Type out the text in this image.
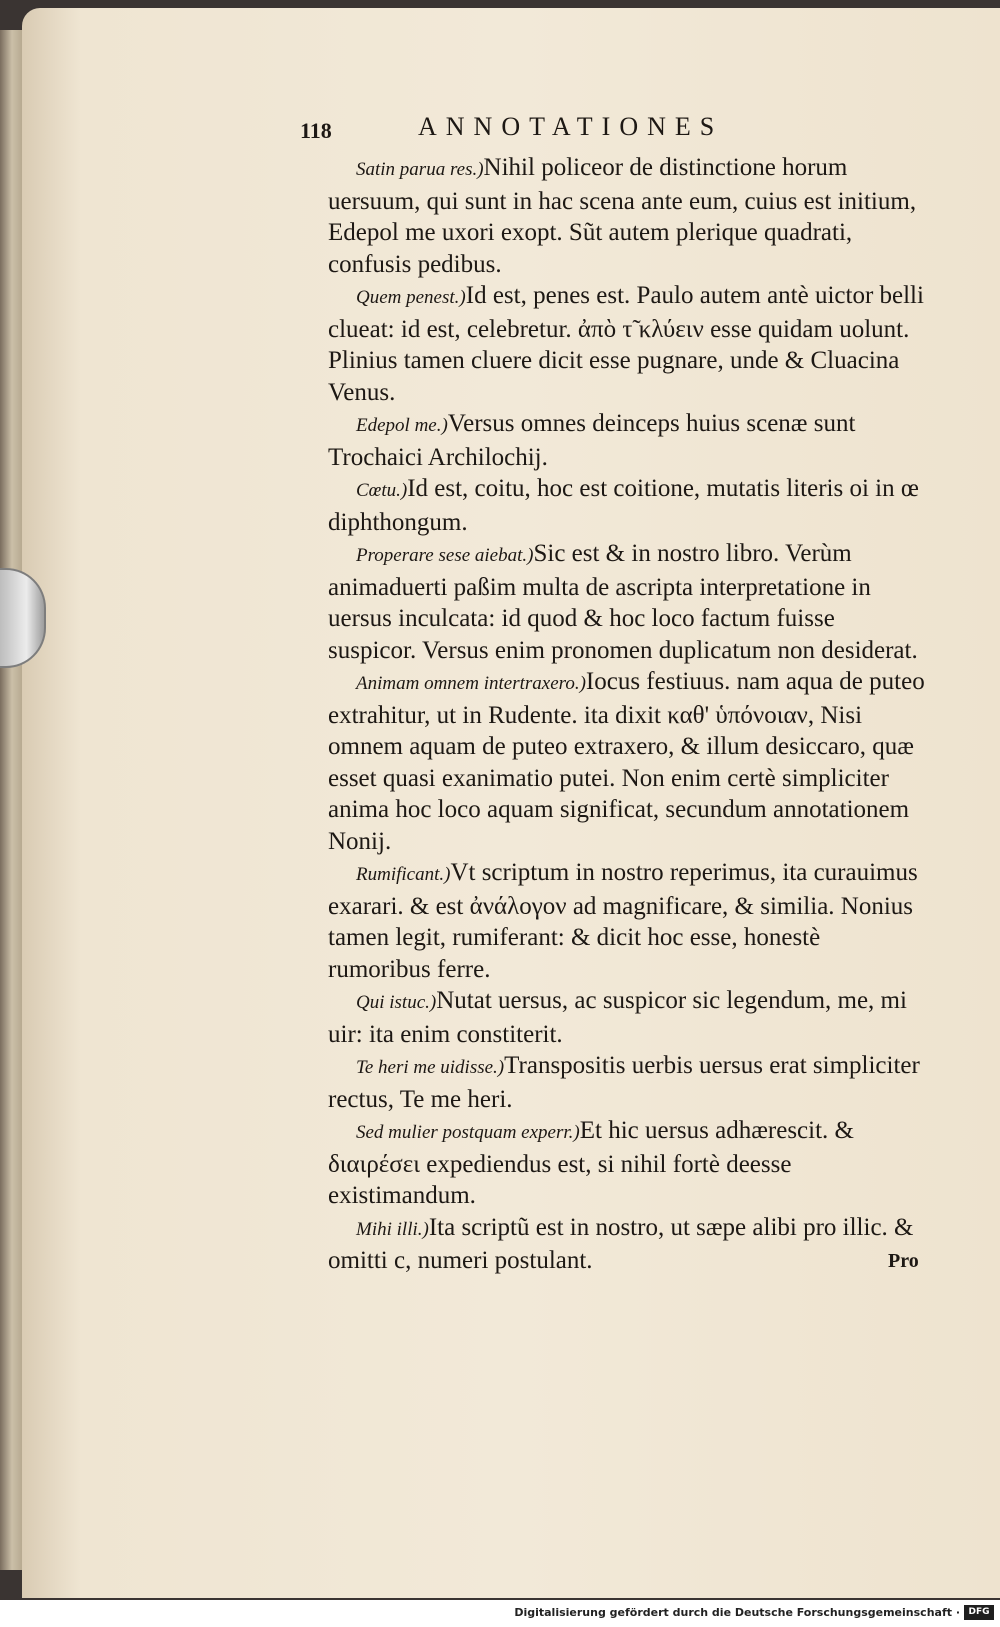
118	ANNOTATIONES

Satin parua res.)Nihil policeor de distinctione horum uersuum, qui sunt in hac scena ante eum, cuius est initium, Edepol me uxori exopt. Sũt autem plerique quadrati, confusis pedibus.

Quem penest.)Id est, penes est. Paulo autem antè uictor belli clueat: id est, celebretur. ἀπὸ τ̃ κλύειν esse quidam uolunt. Plinius tamen cluere dicit esse pugnare, unde & Cluacina Venus.

Edepol me.)Versus omnes deinceps huius scenæ sunt Trochaici Archilochij.

Cœtu.)Id est, coitu, hoc est coitione, mutatis literis oi in œ diphthongum.

Properare sese aiebat.)Sic est & in nostro libro. Verùm animaduerti paßim multa de ascripta interpretatione in uersus inculcata: id quod & hoc loco factum fuisse suspicor. Versus enim pronomen duplicatum non desiderat.

Animam omnem intertraxero.)Iocus festiuus. nam aqua de puteo extrahitur, ut in Rudente. ita dixit καθ' ὑπόνοιαν, Nisi omnem aquam de puteo extraxero, & illum desiccaro, quæ esset quasi exanimatio putei. Non enim certè simpliciter anima hoc loco aquam significat, secundum annotationem Nonij.

Rumificant.)Vt scriptum in nostro reperimus, ita curauimus exarari. & est ἀνάλογον ad magnificare, & similia. Nonius tamen legit, rumiferant: & dicit hoc esse, honestè rumoribus ferre.

Qui istuc.)Nutat uersus, ac suspicor sic legendum, me, mi uir: ita enim constiterit.

Te heri me uidisse.)Transpositis uerbis uersus erat simpliciter rectus, Te me heri.

Sed mulier postquam experr.)Et hic uersus adhærescit. & διαιρέσει expediendus est, si nihil fortè deesse existimandum.

Mihi illi.)Ita scriptũ est in nostro, ut sæpe alibi pro illic. & omitti c, numeri postulant.	Pro
Digitalisierung gefördert durch die Deutsche Forschungsgemeinschaft · DFG
